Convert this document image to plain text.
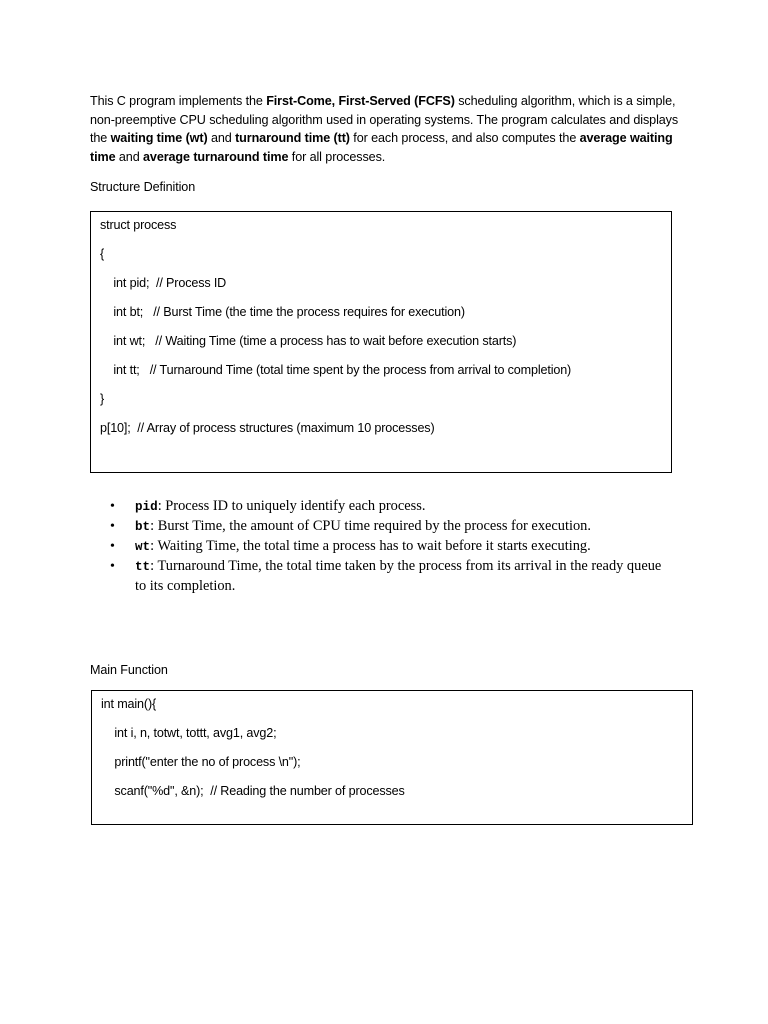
This C program implements the First-Come, First-Served (FCFS) scheduling algorithm, which is a simple, non-preemptive CPU scheduling algorithm used in operating systems. The program calculates and displays the waiting time (wt) and turnaround time (tt) for each process, and also computes the average waiting time and average turnaround time for all processes.

Structure Definition

struct process
{
int pid;  // Process ID
int bt;   // Burst Time (the time the process requires for execution)
int wt;   // Waiting Time (time a process has to wait before execution starts)
int tt;   // Turnaround Time (total time spent by the process from arrival to completion)
}
p[10];  // Array of process structures (maximum 10 processes)
• pid: Process ID to uniquely identify each process.
• bt: Burst Time, the amount of CPU time required by the process for execution.
• wt: Waiting Time, the total time a process has to wait before it starts executing.
• tt: Turnaround Time, the total time taken by the process from its arrival in the ready queue to its completion.

Main Function

int main(){
int i, n, totwt, tottt, avg1, avg2;
printf("enter the no of process \n");
scanf("%d", &n);  // Reading the number of processes
